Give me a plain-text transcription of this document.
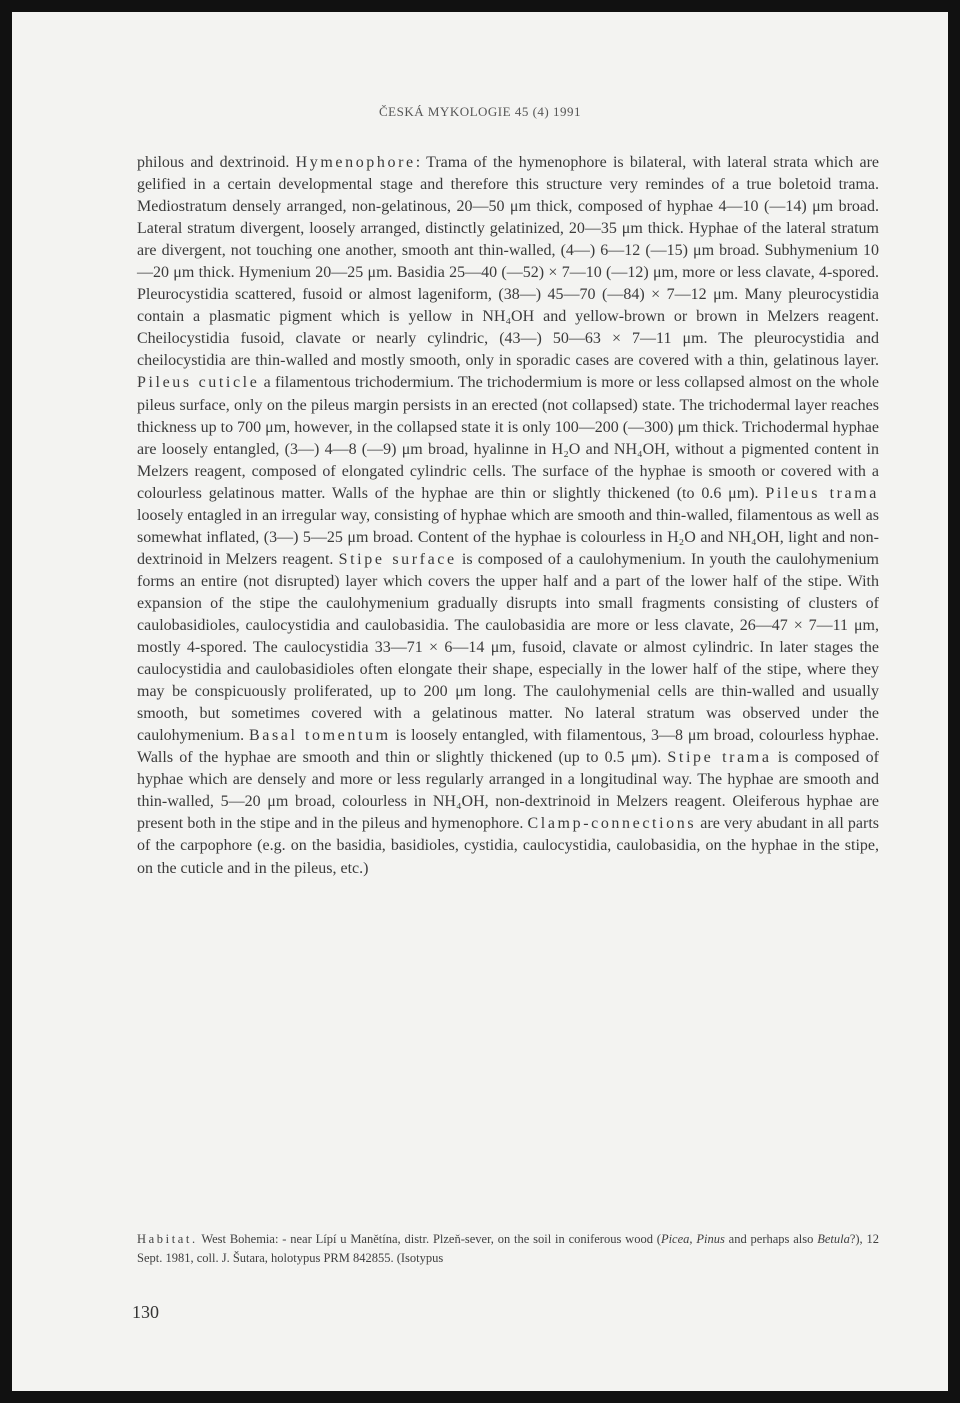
ČESKÁ MYKOLOGIE 45 (4) 1991

philous and dextrinoid. Hymenophore: Trama of the hymenophore is bilateral, with lateral strata which are gelified in a certain developmental stage and therefore this structure very remindes of a true boletoid trama. Mediostratum densely arranged, non-gelatinous, 20—50 μm thick, composed of hyphae 4—10 (—14) μm broad. Lateral stratum divergent, loosely arranged, distinctly gelatinized, 20—35 μm thick. Hyphae of the lateral stratum are divergent, not touching one another, smooth ant thin-walled, (4—) 6—12 (—15) μm broad. Subhymenium 10—20 μm thick. Hymenium 20—25 μm. Basidia 25—40 (—52) × 7—10 (—12) μm, more or less clavate, 4-spored. Pleurocystidia scattered, fusoid or almost lageniform, (38—) 45—70 (—84) × 7—12 μm. Many pleurocystidia contain a plasmatic pigment which is yellow in NH₄OH and yellow-brown or brown in Melzers reagent. Cheilocystidia fusoid, clavate or nearly cylindric, (43—) 50—63 × 7—11 μm. The pleurocystidia and cheilocystidia are thin-walled and mostly smooth, only in sporadic cases are covered with a thin, gelatinous layer. Pileus cuticle a filamentous trichodermium. The trichodermium is more or less collapsed almost on the whole pileus surface, only on the pileus margin persists in an erected (not collapsed) state. The trichodermal layer reaches thickness up to 700 μm, however, in the collapsed state it is only 100—200 (—300) μm thick. Trichodermal hyphae are loosely entangled, (3—) 4—8 (—9) μm broad, hyalinne in H₂O and NH₄OH, without a pigmented content in Melzers reagent, composed of elongated cylindric cells. The surface of the hyphae is smooth or covered with a colourless gelatinous matter. Walls of the hyphae are thin or slightly thickened (to 0.6 μm). Pileus trama loosely entagled in an irregular way, consisting of hyphae which are smooth and thin-walled, filamentous as well as somewhat inflated, (3—) 5—25 μm broad. Content of the hyphae is colourless in H₂O and NH₄OH, light and non-dextrinoid in Melzers reagent. Stipe surface is composed of a caulohymenium. In youth the caulohymenium forms an entire (not disrupted) layer which covers the upper half and a part of the lower half of the stipe. With expansion of the stipe the caulohymenium gradually disrupts into small fragments consisting of clusters of caulobasidioles, caulocystidia and caulobasidia. The caulobasidia are more or less clavate, 26—47 × 7—11 μm, mostly 4-spored. The caulocystidia 33—71 × 6—14 μm, fusoid, clavate or almost cylindric. In later stages the caulocystidia and caulobasidioles often elongate their shape, especially in the lower half of the stipe, where they may be conspicuously proliferated, up to 200 μm long. The caulohymenial cells are thin-walled and usually smooth, but sometimes covered with a gelatinous matter. No lateral stratum was observed under the caulohymenium. Basal tomentum is loosely entangled, with filamentous, 3—8 μm broad, colourless hyphae. Walls of the hyphae are smooth and thin or slightly thickened (up to 0.5 μm). Stipe trama is composed of hyphae which are densely and more or less regularly arranged in a longitudinal way. The hyphae are smooth and thin-walled, 5—20 μm broad, colourless in NH₄OH, non-dextrinoid in Melzers reagent. Oleiferous hyphae are present both in the stipe and in the pileus and hymenophore. Clamp-connections are very abudant in all parts of the carpophore (e.g. on the basidia, basidioles, cystidia, caulocystidia, caulobasidia, on the hyphae in the stipe, on the cuticle and in the pileus, etc.)

Habitat. West Bohemia: - near Lípí u Manětína, distr. Plzeň-sever, on the soil in coniferous wood (Picea, Pinus and perhaps also Betula?), 12 Sept. 1981, coll. J. Šutara, holotypus PRM 842855. (Isotypus

130
